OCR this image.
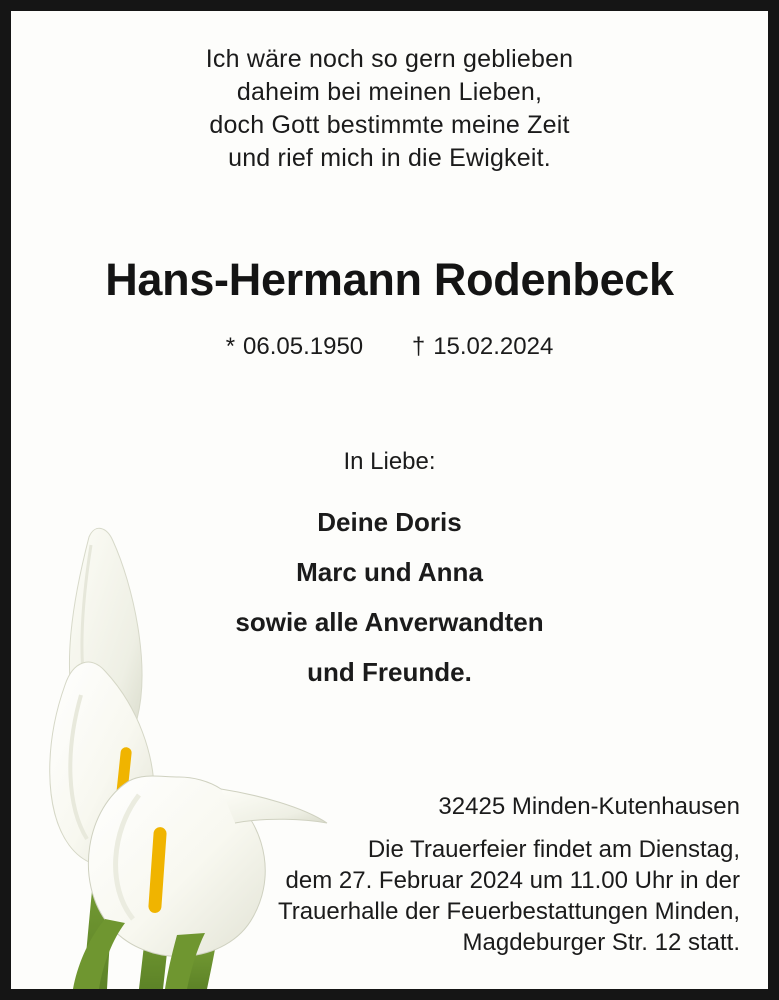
Ich wäre noch so gern geblieben
daheim bei meinen Lieben,
doch Gott bestimmte meine Zeit
und rief mich in die Ewigkeit.
Hans-Hermann Rodenbeck
* 06.05.1950 † 15.02.2024
In Liebe:
Deine Doris
Marc und Anna
sowie alle Anverwandten
und Freunde.
32425 Minden-Kutenhausen
Die Trauerfeier findet am Dienstag,
dem 27. Februar 2024 um 11.00 Uhr in der
Trauerhalle der Feuerbestattungen Minden,
Magdeburger Str. 12 statt.
